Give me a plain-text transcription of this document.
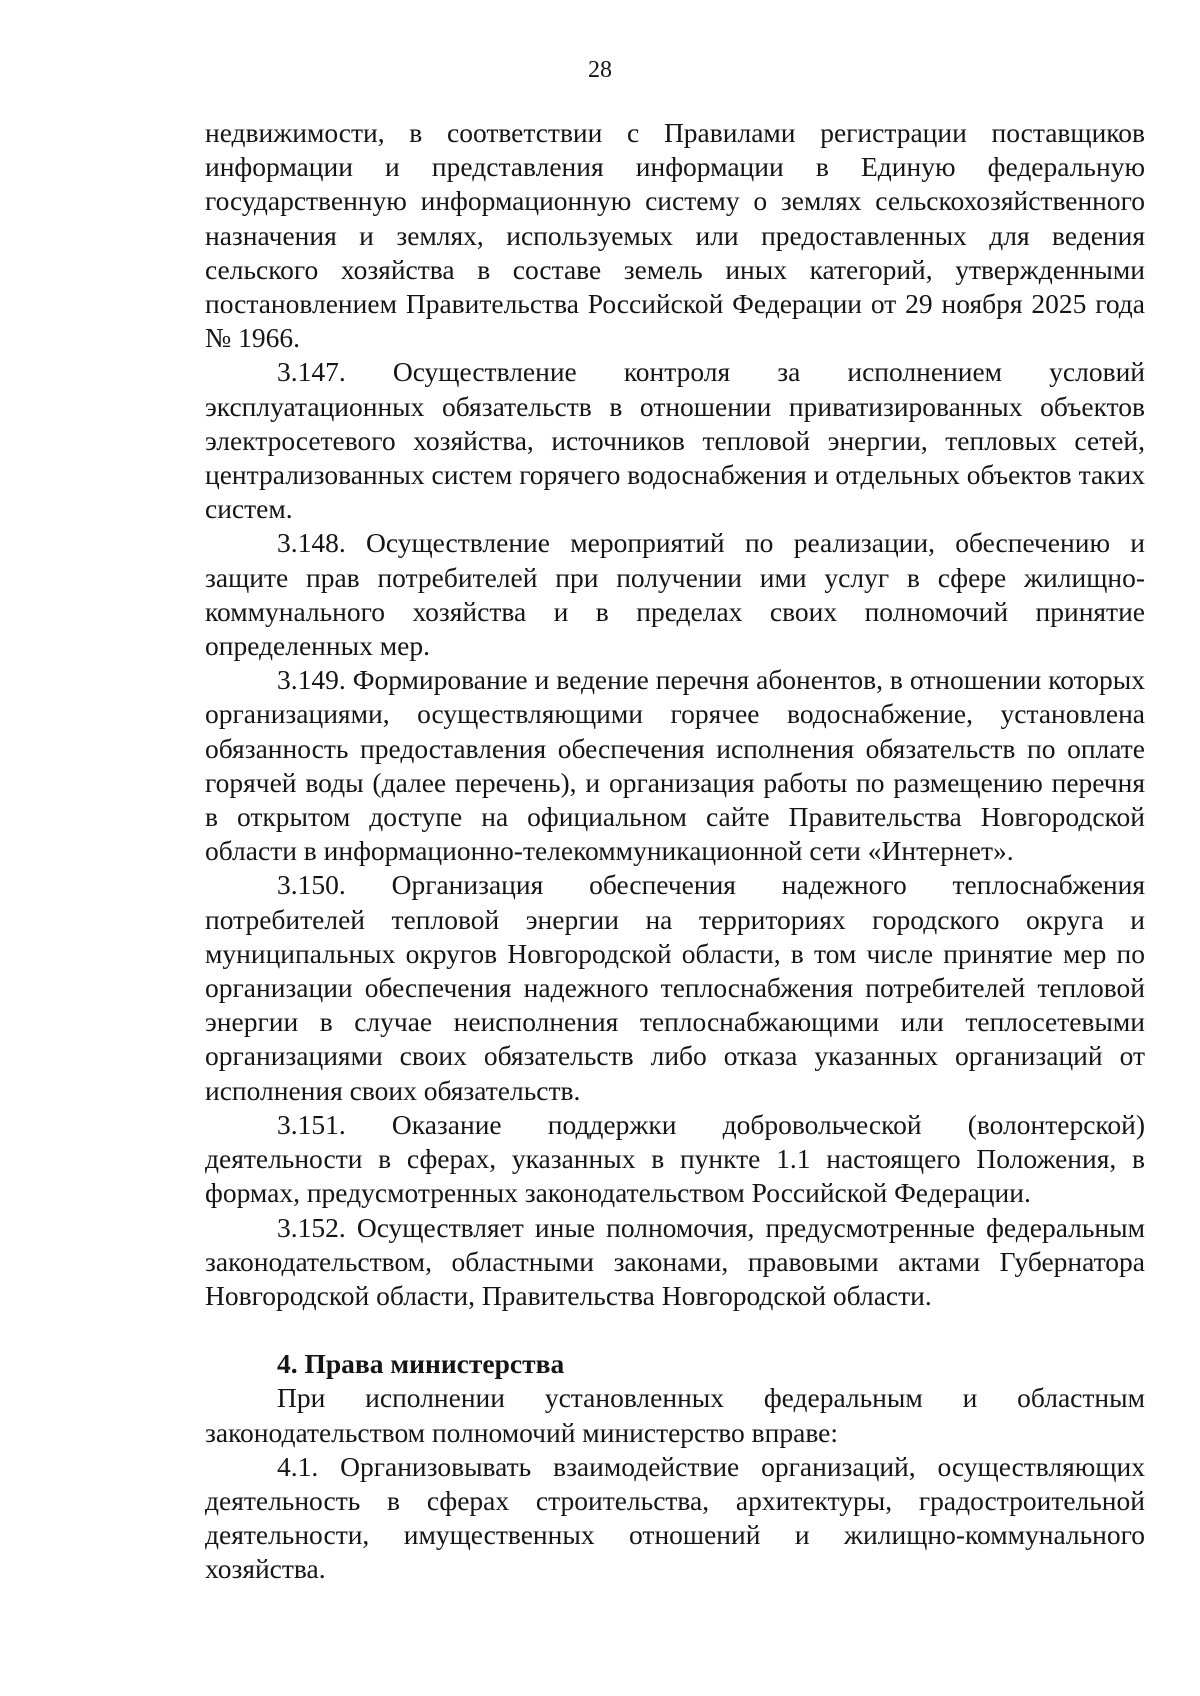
28

недвижимости, в соответствии с Правилами регистрации поставщиков информации и представления информации в Единую федеральную государственную информационную систему о землях сельскохозяйственного назначения и землях, используемых или предоставленных для ведения сельского хозяйства в составе земель иных категорий, утвержденными постановлением Правительства Российской Федерации от 29 ноября 2025 года № 1966.

3.147. Осуществление контроля за исполнением условий эксплуатационных обязательств в отношении приватизированных объектов электросетевого хозяйства, источников тепловой энергии, тепловых сетей, централизованных систем горячего водоснабжения и отдельных объектов таких систем.

3.148. Осуществление мероприятий по реализации, обеспечению и защите прав потребителей при получении ими услуг в сфере жилищно-коммунального хозяйства и в пределах своих полномочий принятие определенных мер.

3.149. Формирование и ведение перечня абонентов, в отношении которых организациями, осуществляющими горячее водоснабжение, установлена обязанность предоставления обеспечения исполнения обязательств по оплате горячей воды (далее перечень), и организация работы по размещению перечня в открытом доступе на официальном сайте Правительства Новгородской области в информационно-телекоммуникационной сети «Интернет».

3.150. Организация обеспечения надежного теплоснабжения потребителей тепловой энергии на территориях городского округа и муниципальных округов Новгородской области, в том числе принятие мер по организации обеспечения надежного теплоснабжения потребителей тепловой энергии в случае неисполнения теплоснабжающими или теплосетевыми организациями своих обязательств либо отказа указанных организаций от исполнения своих обязательств.

3.151. Оказание поддержки добровольческой (волонтерской) деятельности в сферах, указанных в пункте 1.1 настоящего Положения, в формах, предусмотренных законодательством Российской Федерации.

3.152. Осуществляет иные полномочия, предусмотренные федеральным законодательством, областными законами, правовыми актами Губернатора Новгородской области, Правительства Новгородской области.

4. Права министерства

При исполнении установленных федеральным и областным законодательством полномочий министерство вправе:

4.1. Организовывать взаимодействие организаций, осуществляющих деятельность в сферах строительства, архитектуры, градостроительной деятельности, имущественных отношений и жилищно-коммунального хозяйства.
